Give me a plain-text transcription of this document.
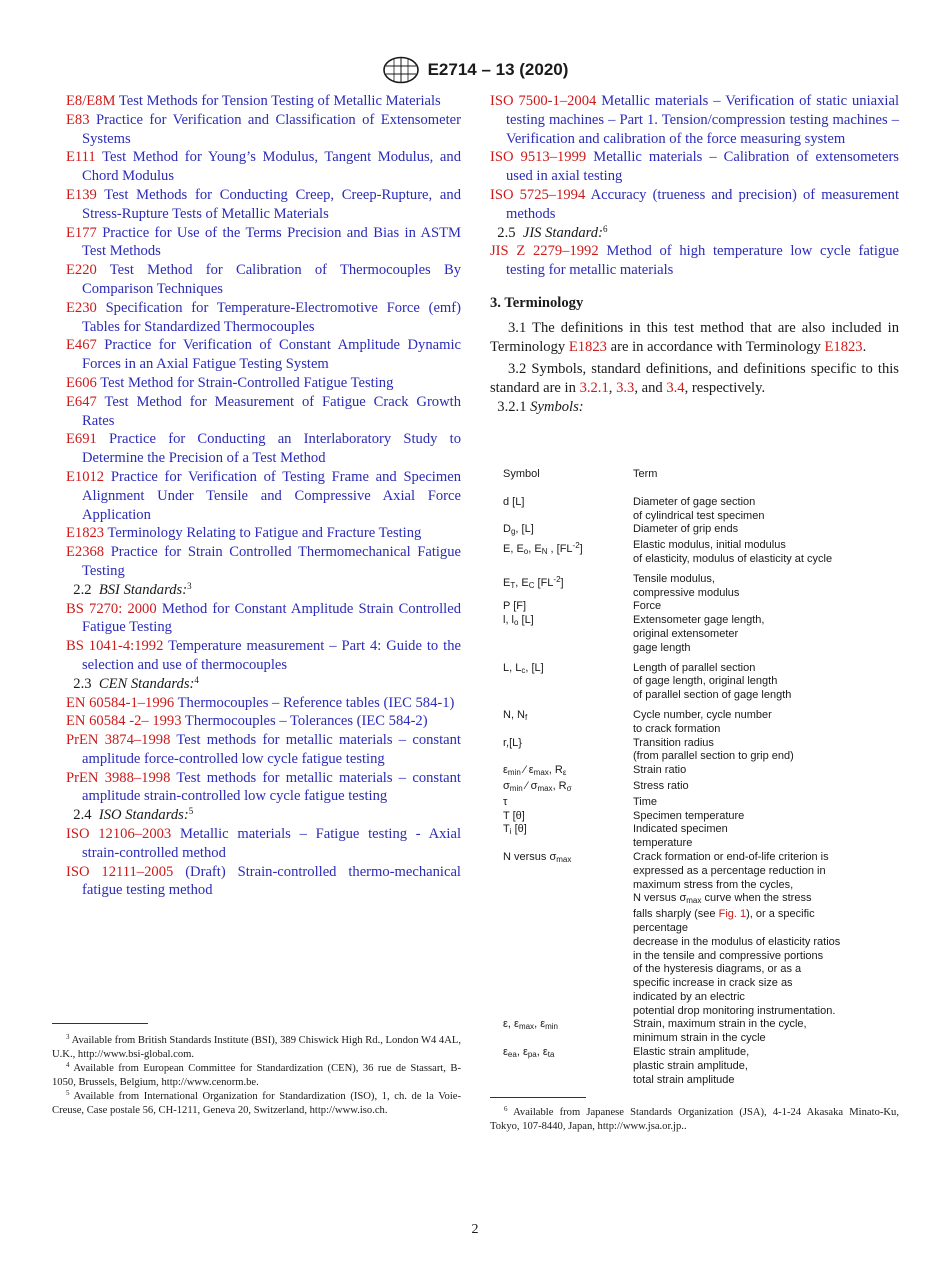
E2714 – 13 (2020)
E8/E8M Test Methods for Tension Testing of Metallic Materials
E83 Practice for Verification and Classification of Extensometer Systems
E111 Test Method for Young’s Modulus, Tangent Modulus, and Chord Modulus
E139 Test Methods for Conducting Creep, Creep-Rupture, and Stress-Rupture Tests of Metallic Materials
E177 Practice for Use of the Terms Precision and Bias in ASTM Test Methods
E220 Test Method for Calibration of Thermocouples By Comparison Techniques
E230 Specification for Temperature-Electromotive Force (emf) Tables for Standardized Thermocouples
E467 Practice for Verification of Constant Amplitude Dynamic Forces in an Axial Fatigue Testing System
E606 Test Method for Strain-Controlled Fatigue Testing
E647 Test Method for Measurement of Fatigue Crack Growth Rates
E691 Practice for Conducting an Interlaboratory Study to Determine the Precision of a Test Method
E1012 Practice for Verification of Testing Frame and Specimen Alignment Under Tensile and Compressive Axial Force Application
E1823 Terminology Relating to Fatigue and Fracture Testing
E2368 Practice for Strain Controlled Thermomechanical Fatigue Testing
2.2 BSI Standards:$^3$
BS 7270: 2000 Method for Constant Amplitude Strain Controlled Fatigue Testing
BS 1041-4:1992 Temperature measurement – Part 4: Guide to the selection and use of thermocouples
2.3 CEN Standards:$^4$
EN 60584-1–1996 Thermocouples – Reference tables (IEC 584-1)
EN 60584 -2– 1993 Thermocouples – Tolerances (IEC 584-2)
PrEN 3874–1998 Test methods for metallic materials – constant amplitude force-controlled low cycle fatigue testing
PrEN 3988–1998 Test methods for metallic materials – constant amplitude strain-controlled low cycle fatigue testing
2.4 ISO Standards:$^5$
ISO 12106–2003 Metallic materials – Fatigue testing - Axial strain-controlled method
ISO 12111–2005 (Draft) Strain-controlled thermo-mechanical fatigue testing method
ISO 7500-1–2004 Metallic materials – Verification of static uniaxial testing machines – Part 1. Tension/compression testing machines – Verification and calibration of the force measuring system
ISO 9513–1999 Metallic materials – Calibration of extensometers used in axial testing
ISO 5725–1994 Accuracy (trueness and precision) of measurement methods
2.5 JIS Standard:$^6$
JIS Z 2279–1992 Method of high temperature low cycle fatigue testing for metallic materials
3. Terminology
3.1 The definitions in this test method that are also included in Terminology E1823 are in accordance with Terminology E1823.
3.2 Symbols, standard definitions, and definitions specific to this standard are in 3.2.1, 3.3, and 3.4, respectively.
3.2.1 Symbols:
Symbol	Term
d [L]	Diameter of gage section
of cylindrical test specimen
$D_g$, [L]	Diameter of grip ends
E, $E_o$, $E_N$ , $[FL^{-2}]$	Elastic modulus, initial modulus
of elasticity, modulus of elasticity at cycle
$E_T$, $E_C$ $[FL^{-2}]$	Tensile modulus,
compressive modulus
P [F]	Force
l, $l_o$ [L]	Extensometer gage length,
original extensometer
gage length
L, $L_c$, [L]	Length of parallel section
of gage length, original length
of parallel section of gage length
N, $N_f$	Cycle number, cycle number
to crack formation
r,[L}	Transition radius
(from parallel section to grip end)
$\varepsilon_{min}$ ⁄ $\varepsilon_{max}$, $R_\varepsilon$	Strain ratio
$\sigma_{min}$ ⁄ $\sigma_{max}$, $R_\sigma$	Stress ratio
τ	Time
T [θ]	Specimen temperature
$T_i$ [θ]	Indicated specimen
temperature
N versus $\sigma_{max}$	Crack formation or end-of-life criterion is
expressed as a percentage reduction in
maximum stress from the cycles,
N versus $\sigma_{max}$ curve when the stress
falls sharply (see Fig. 1), or a specific
percentage
decrease in the modulus of elasticity ratios
in the tensile and compressive portions
of the hysteresis diagrams, or as a
specific increase in crack size as
indicated by an electric
potential drop monitoring instrumentation.
ε, $\varepsilon_{max}$, $\varepsilon_{min}$	Strain, maximum strain in the cycle,
minimum strain in the cycle
$\varepsilon_{ea}$, $\varepsilon_{pa}$, $\varepsilon_{ta}$	Elastic strain amplitude,
plastic strain amplitude,
total strain amplitude
$^3$ Available from British Standards Institute (BSI), 389 Chiswick High Rd., London W4 4AL, U.K., http://www.bsi-global.com.
$^4$ Available from European Committee for Standardization (CEN), 36 rue de Stassart, B-1050, Brussels, Belgium, http://www.cenorm.be.
$^5$ Available from International Organization for Standardization (ISO), 1, ch. de la Voie-Creuse, Case postale 56, CH-1211, Geneva 20, Switzerland, http://www.iso.ch.	$^6$ Available from Japanese Standards Organization (JSA), 4-1-24 Akasaka Minato-Ku, Tokyo, 107-8440, Japan, http://www.jsa.or.jp..
2
